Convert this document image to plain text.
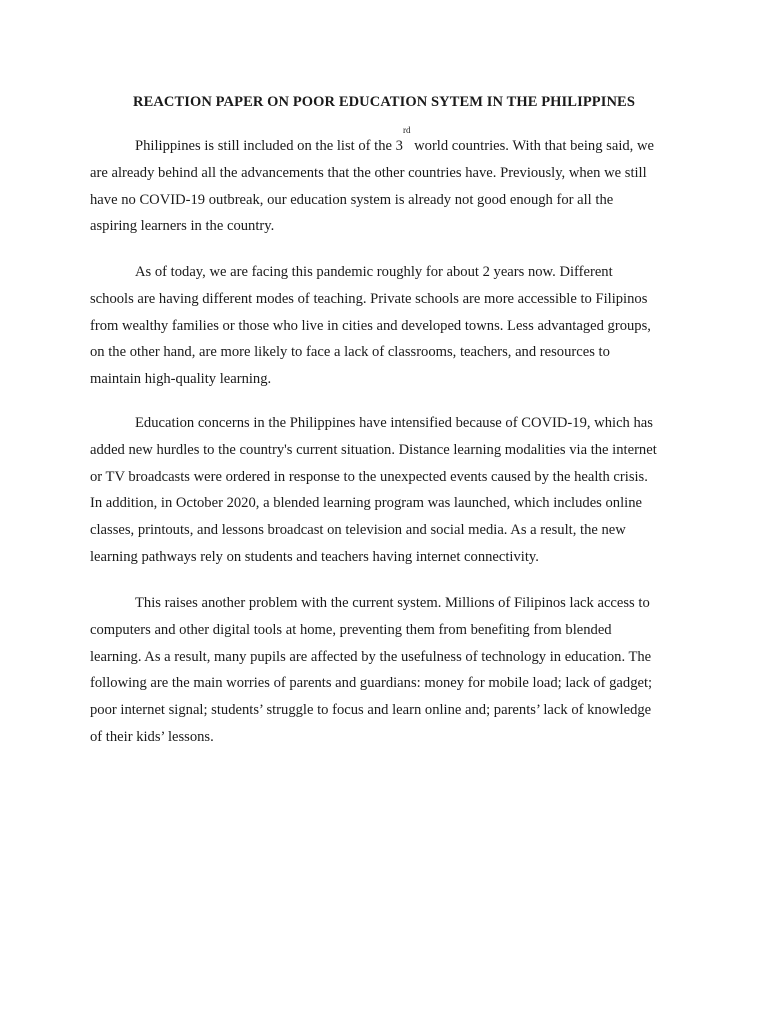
REACTION PAPER ON POOR EDUCATION SYTEM IN THE PHILIPPINES
Philippines is still included on the list of the 3rd world countries. With that being said, we
are already behind all the advancements that the other countries have. Previously, when we still
have no COVID-19 outbreak, our education system is already not good enough for all the
aspiring learners in the country.
As of today, we are facing this pandemic roughly for about 2 years now. Different
schools are having different modes of teaching. Private schools are more accessible to Filipinos
from wealthy families or those who live in cities and developed towns. Less advantaged groups,
on the other hand, are more likely to face a lack of classrooms, teachers, and resources to
maintain high-quality learning.
Education concerns in the Philippines have intensified because of COVID-19, which has
added new hurdles to the country's current situation. Distance learning modalities via the internet
or TV broadcasts were ordered in response to the unexpected events caused by the health crisis.
In addition, in October 2020, a blended learning program was launched, which includes online
classes, printouts, and lessons broadcast on television and social media. As a result, the new
learning pathways rely on students and teachers having internet connectivity.
This raises another problem with the current system. Millions of Filipinos lack access to
computers and other digital tools at home, preventing them from benefiting from blended
learning. As a result, many pupils are affected by the usefulness of technology in education. The
following are the main worries of parents and guardians: money for mobile load; lack of gadget;
poor internet signal; students’ struggle to focus and learn online and; parents’ lack of knowledge
of their kids’ lessons.
